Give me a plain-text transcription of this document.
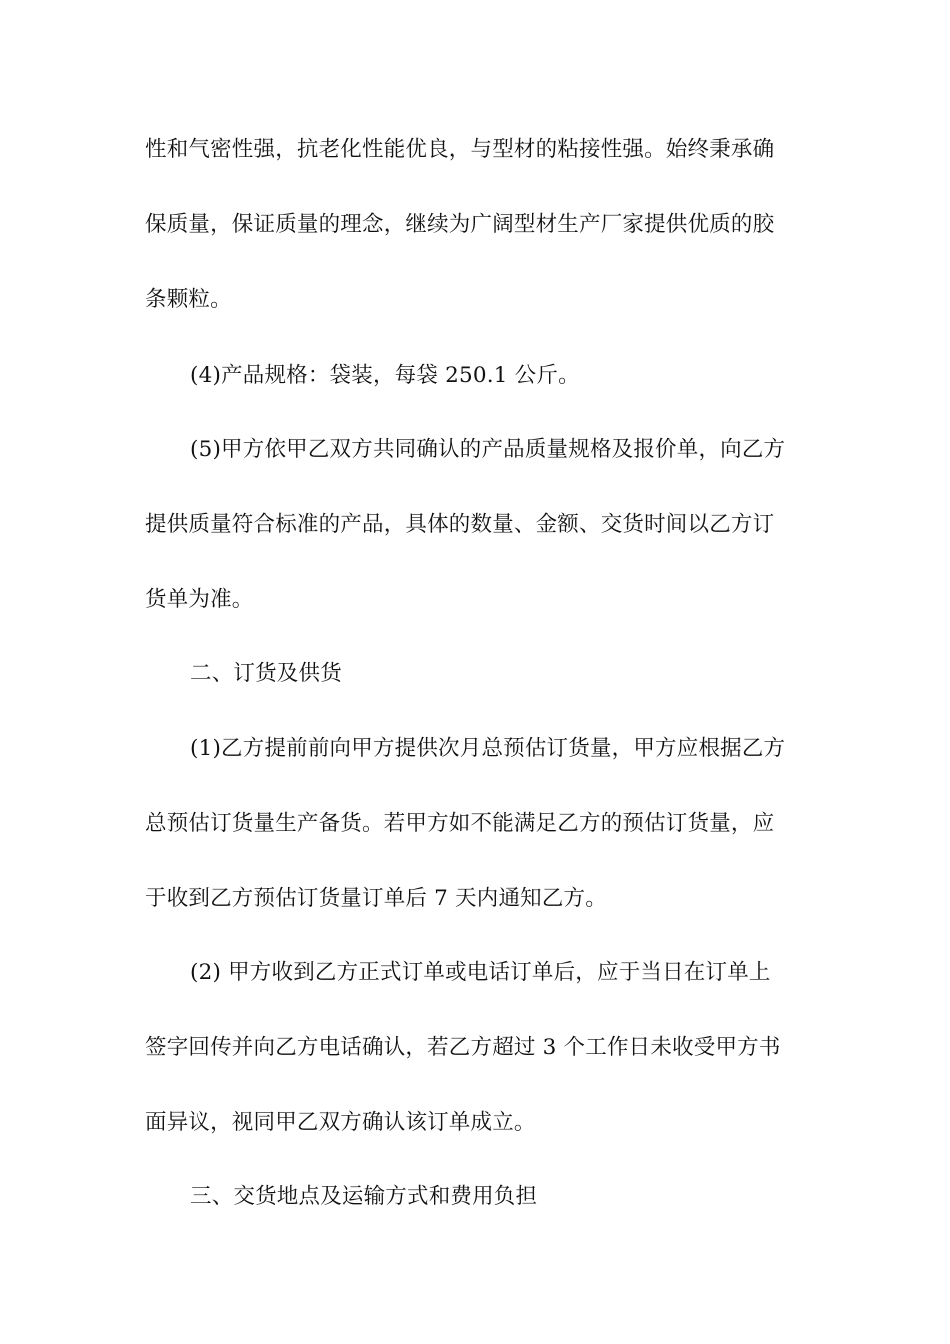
性和气密性强，抗老化性能优良，与型材的粘接性强。始终秉承确
保质量，保证质量的理念，继续为广阔型材生产厂家提供优质的胶
条颗粒。
(4)产品规格：袋装，每袋 250.1 公斤。
(5)甲方依甲乙双方共同确认的产品质量规格及报价单，向乙方
提供质量符合标准的产品，具体的数量、金额、交货时间以乙方订
货单为准。
二、订货及供货
(1)乙方提前前向甲方提供次月总预估订货量，甲方应根据乙方
总预估订货量生产备货。若甲方如不能满足乙方的预估订货量，应
于收到乙方预估订货量订单后 7 天内通知乙方。
(2) 甲方收到乙方正式订单或电话订单后，应于当日在订单上
签字回传并向乙方电话确认，若乙方超过 3 个工作日未收受甲方书
面异议，视同甲乙双方确认该订单成立。
三、交货地点及运输方式和费用负担
